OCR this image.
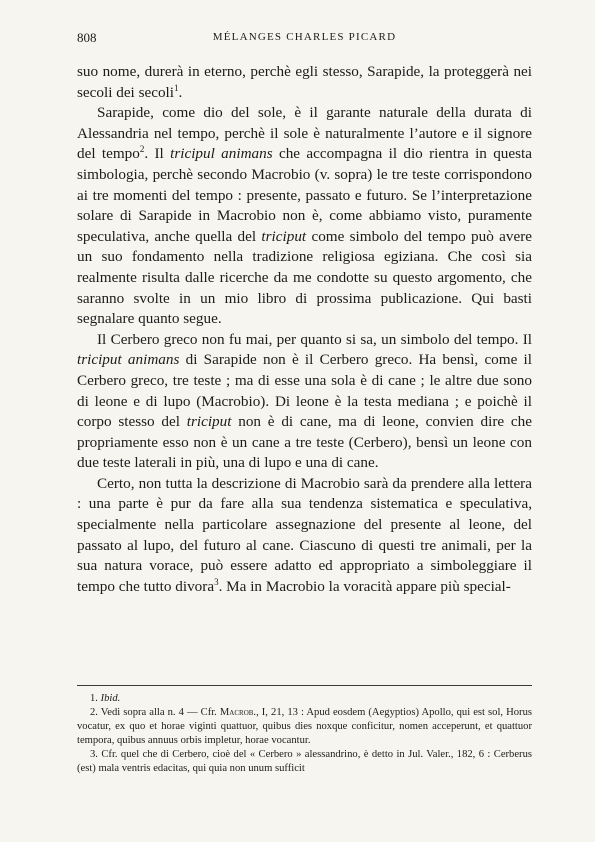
808	MÉLANGES CHARLES PICARD

suo nome, durerà in eterno, perchè egli stesso, Sarapide, la proteggerà nei secoli dei secoli$^1$.

Sarapide, come dio del sole, è il garante naturale della durata di Alessandria nel tempo, perchè il sole è naturalmente l’autore e il signore del tempo$^2$. Il tricipul animans che accompagna il dio rientra in questa simbologia, perchè secondo Macrobio (v. sopra) le tre teste corrispondono ai tre momenti del tempo : presente, passato e futuro. Se l’interpretazione solare di Sarapide in Macrobio non è, come abbiamo visto, puramente speculativa, anche quella del triciput come simbolo del tempo può avere un suo fondamento nella tradizione religiosa egiziana. Che così sia realmente risulta dalle ricerche da me condotte su questo argomento, che saranno svolte in un mio libro di prossima publicazione. Qui basti segnalare quanto segue.

Il Cerbero greco non fu mai, per quanto si sa, un simbolo del tempo. Il triciput animans di Sarapide non è il Cerbero greco. Ha bensì, come il Cerbero greco, tre teste ; ma di esse una sola è di cane ; le altre due sono di leone e di lupo (Macrobio). Di leone è la testa mediana ; e poichè il corpo stesso del triciput non è di cane, ma di leone, convien dire che propriamente esso non è un cane a tre teste (Cerbero), bensì un leone con due teste laterali in più, una di lupo e una di cane.

Certo, non tutta la descrizione di Macrobio sarà da prendere alla lettera : una parte è pur da fare alla sua tendenza sistematica e speculativa, specialmente nella particolare assegnazione del presente al leone, del passato al lupo, del futuro al cane. Ciascuno di questi tre animali, per la sua natura vorace, può essere adatto ed appropriato a simboleggiare il tempo che tutto divora$^3$. Ma in Macrobio la voracità appare più special-

1. Ibid.

2. Vedi sopra alla n. 4 — Cfr. Macrob., I, 21, 13 : Apud eosdem (Aegyptios) Apollo, qui est sol, Horus vocatur, ex quo et horae viginti quattuor, quibus dies noxque conficitur, nomen acceperunt, et quattuor tempora, quibus annuus orbis impletur, horae vocantur.

3. Cfr. quel che di Cerbero, cioè del « Cerbero » alessandrino, è detto in Jul. Valer., 182, 6 : Cerberus (est) mala ventris edacitas, qui quia non unum sufficit
